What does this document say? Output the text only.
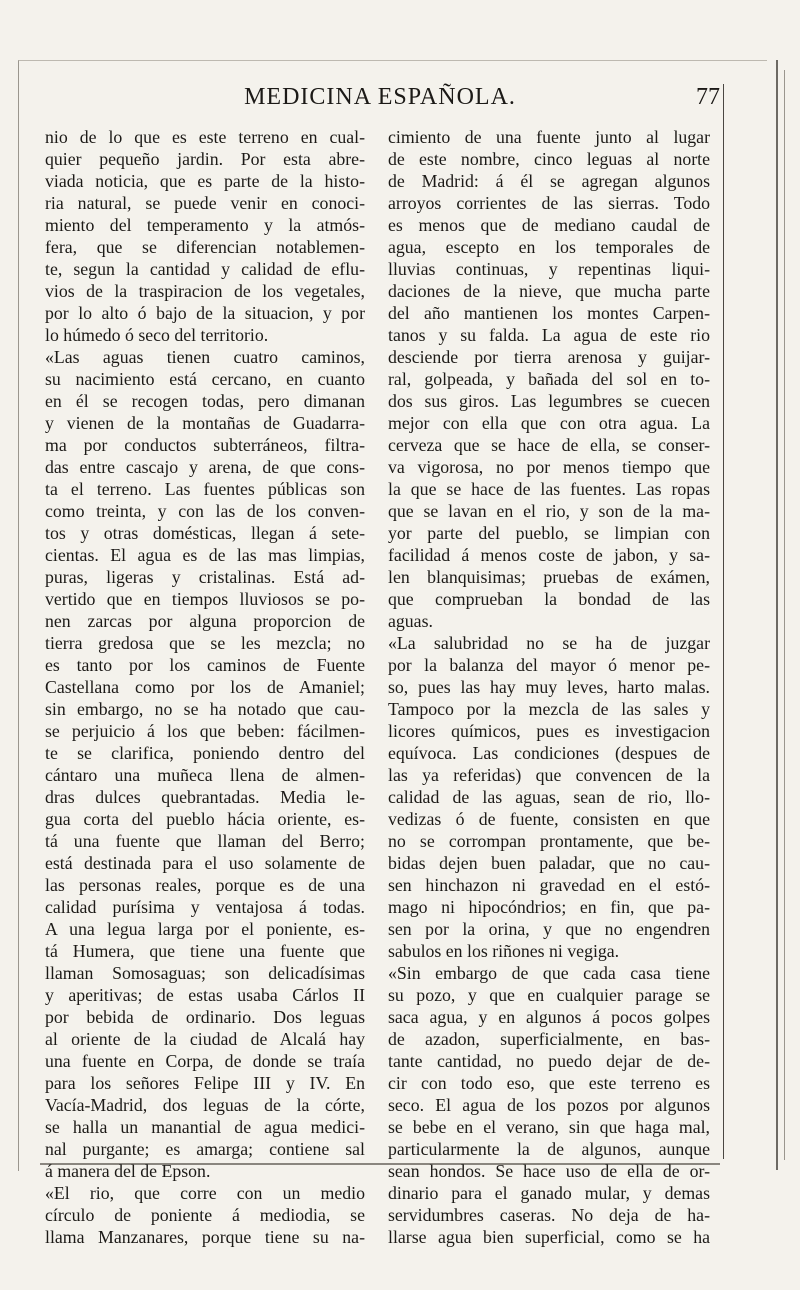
MEDICINA ESPAÑOLA.	77
nio de lo que es este terreno en cual-
quier pequeño jardin. Por esta abre-
viada noticia, que es parte de la histo-
ria natural, se puede venir en conoci-
miento del temperamento y la atmós-
fera, que se diferencian notablemen-
te, segun la cantidad y calidad de eflu-
vios de la traspiracion de los vegetales,
por lo alto ó bajo de la situacion, y por
lo húmedo ó seco del territorio.
«Las aguas tienen cuatro caminos,
su nacimiento está cercano, en cuanto
en él se recogen todas, pero dimanan
y vienen de la montañas de Guadarra-
ma por conductos subterráneos, filtra-
das entre cascajo y arena, de que cons-
ta el terreno. Las fuentes públicas son
como treinta, y con las de los conven-
tos y otras domésticas, llegan á sete-
cientas. El agua es de las mas limpias,
puras, ligeras y cristalinas. Está ad-
vertido que en tiempos lluviosos se po-
nen zarcas por alguna proporcion de
tierra gredosa que se les mezcla; no
es tanto por los caminos de Fuente
Castellana como por los de Amaniel;
sin embargo, no se ha notado que cau-
se perjuicio á los que beben: fácilmen-
te se clarifica, poniendo dentro del
cántaro una muñeca llena de almen-
dras dulces quebrantadas. Media le-
gua corta del pueblo hácia oriente, es-
tá una fuente que llaman del Berro;
está destinada para el uso solamente de
las personas reales, porque es de una
calidad purísima y ventajosa á todas.
A una legua larga por el poniente, es-
tá Humera, que tiene una fuente que
llaman Somosaguas; son delicadísimas
y aperitivas; de estas usaba Cárlos II
por bebida de ordinario. Dos leguas
al oriente de la ciudad de Alcalá hay
una fuente en Corpa, de donde se traía
para los señores Felipe III y IV. En
Vacía-Madrid, dos leguas de la córte,
se halla un manantial de agua medici-
nal purgante; es amarga; contiene sal
á manera del de Epson.
«El rio, que corre con un medio
círculo de poniente á mediodia, se
llama Manzanares, porque tiene su na-
cimiento de una fuente junto al lugar
de este nombre, cinco leguas al norte
de Madrid: á él se agregan algunos
arroyos corrientes de las sierras. Todo
es menos que de mediano caudal de
agua, escepto en los temporales de
lluvias continuas, y repentinas liqui-
daciones de la nieve, que mucha parte
del año mantienen los montes Carpen-
tanos y su falda. La agua de este rio
desciende por tierra arenosa y guijar-
ral, golpeada, y bañada del sol en to-
dos sus giros. Las legumbres se cuecen
mejor con ella que con otra agua. La
cerveza que se hace de ella, se conser-
va vigorosa, no por menos tiempo que
la que se hace de las fuentes. Las ropas
que se lavan en el rio, y son de la ma-
yor parte del pueblo, se limpian con
facilidad á menos coste de jabon, y sa-
len blanquisimas; pruebas de exámen,
que comprueban la bondad de las
aguas.
«La salubridad no se ha de juzgar
por la balanza del mayor ó menor pe-
so, pues las hay muy leves, harto malas.
Tampoco por la mezcla de las sales y
licores químicos, pues es investigacion
equívoca. Las condiciones (despues de
las ya referidas) que convencen de la
calidad de las aguas, sean de rio, llo-
vedizas ó de fuente, consisten en que
no se corrompan prontamente, que be-
bidas dejen buen paladar, que no cau-
sen hinchazon ni gravedad en el estó-
mago ni hipocóndrios; en fin, que pa-
sen por la orina, y que no engendren
sabulos en los riñones ni vegiga.
«Sin embargo de que cada casa tiene
su pozo, y que en cualquier parage se
saca agua, y en algunos á pocos golpes
de azadon, superficialmente, en bas-
tante cantidad, no puedo dejar de de-
cir con todo eso, que este terreno es
seco. El agua de los pozos por algunos
se bebe en el verano, sin que haga mal,
particularmente la de algunos, aunque
sean hondos. Se hace uso de ella de or-
dinario para el ganado mular, y demas
servidumbres caseras. No deja de ha-
llarse agua bien superficial, como se ha
